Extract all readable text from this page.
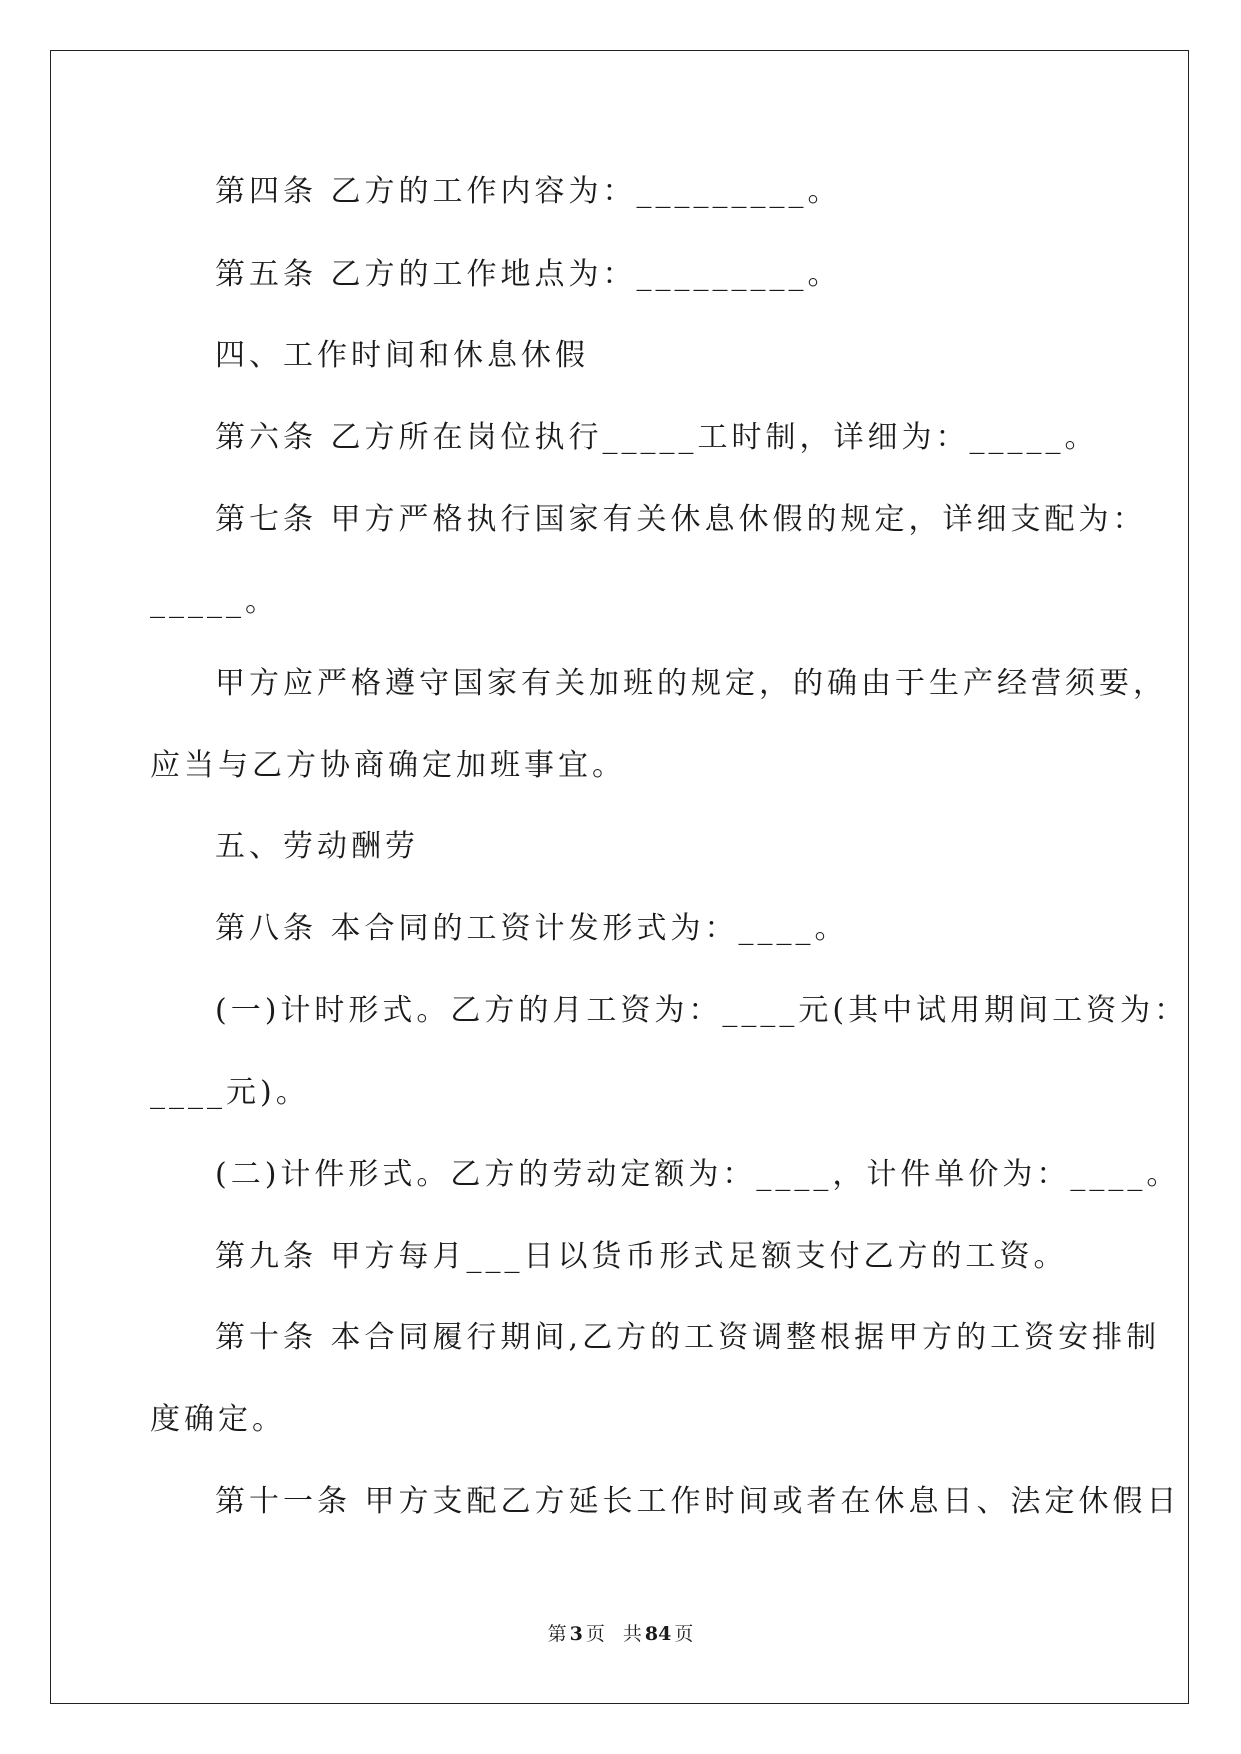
第四条 乙方的工作内容为：_________。

第五条 乙方的工作地点为：_________。

四、工作时间和休息休假

第六条 乙方所在岗位执行_____工时制，详细为：_____。

第七条 甲方严格执行国家有关休息休假的规定，详细支配为：

_____。

甲方应严格遵守国家有关加班的规定，的确由于生产经营须要，

应当与乙方协商确定加班事宜。

五、劳动酬劳

第八条 本合同的工资计发形式为：____。

(一)计时形式。乙方的月工资为：____元(其中试用期间工资为：

____元)。

(二)计件形式。乙方的劳动定额为：____，计件单价为：____。

第九条 甲方每月___日以货币形式足额支付乙方的工资。

第十条 本合同履行期间,乙方的工资调整根据甲方的工资安排制

度确定。

第十一条 甲方支配乙方延长工作时间或者在休息日、法定休假日

第 3 页 共 84 页
